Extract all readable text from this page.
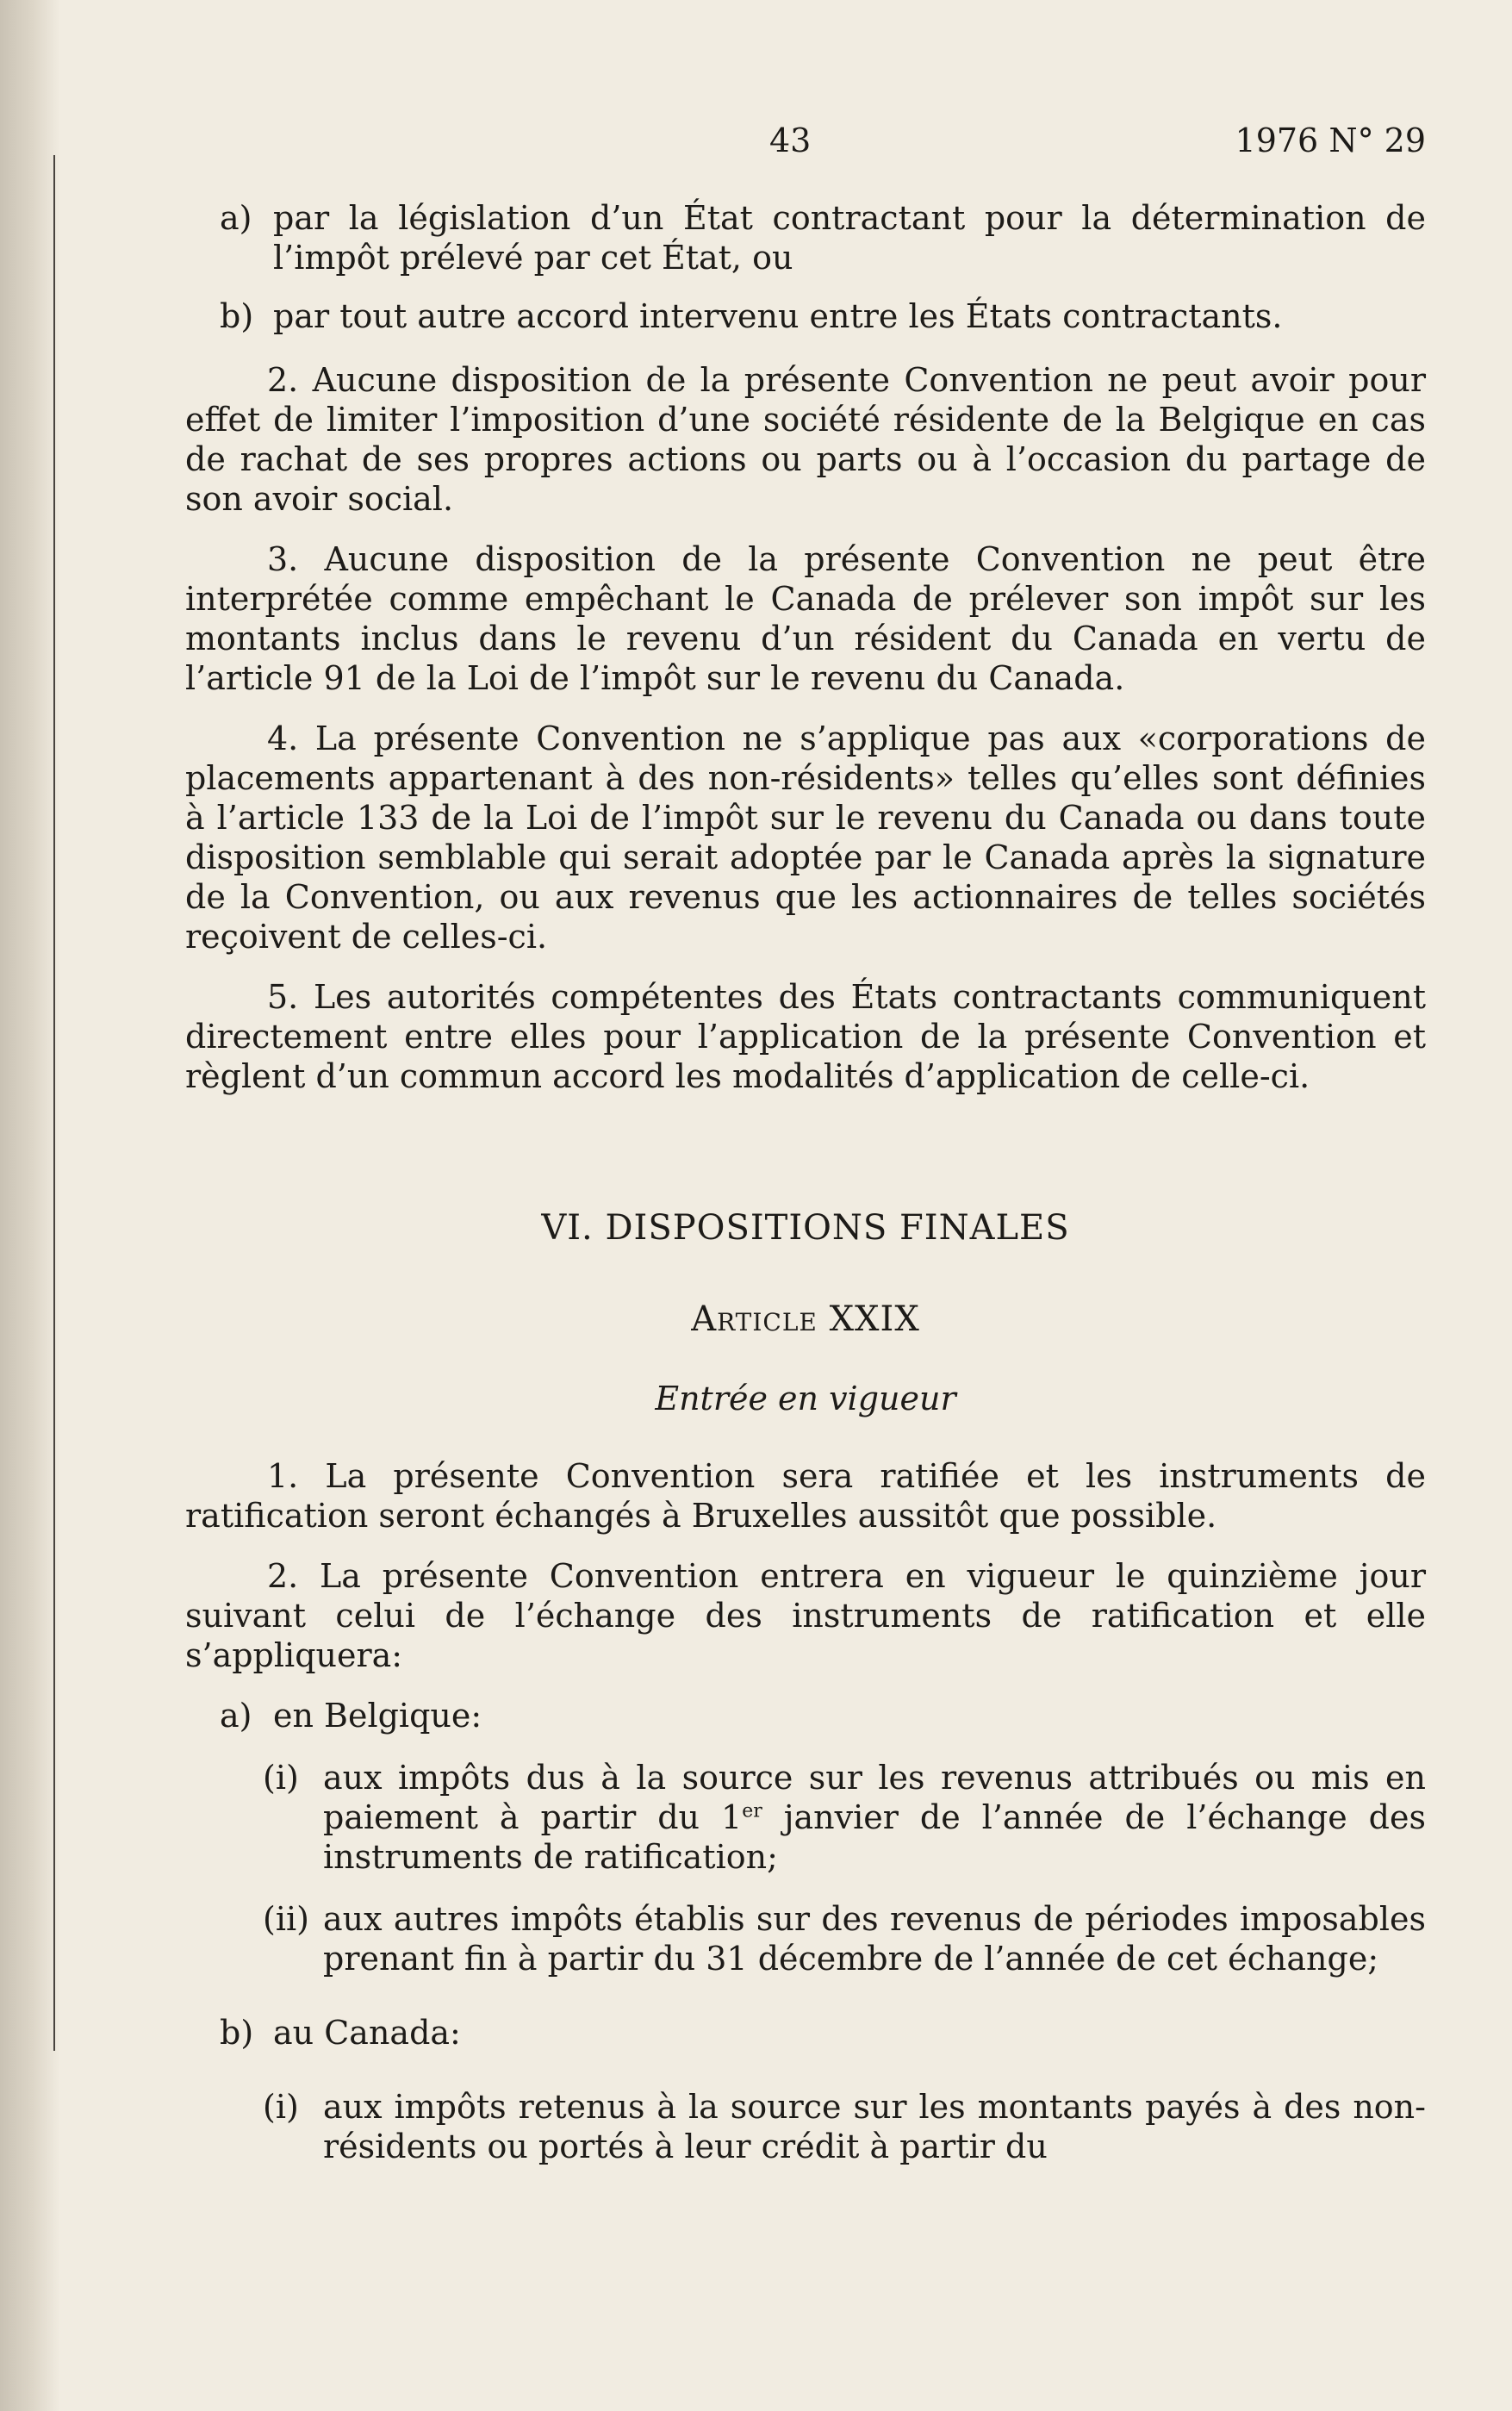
43	1976 N° 29
a) par la législation d’un État contractant pour la détermination de l’impôt prélevé par cet État, ou
b) par tout autre accord intervenu entre les États contractants.

2. Aucune disposition de la présente Convention ne peut avoir pour effet de limiter l’imposition d’une société résidente de la Belgique en cas de rachat de ses propres actions ou parts ou à l’occasion du partage de son avoir social.

3. Aucune disposition de la présente Convention ne peut être interprétée comme empêchant le Canada de prélever son impôt sur les montants inclus dans le revenu d’un résident du Canada en vertu de l’article 91 de la Loi de l’impôt sur le revenu du Canada.

4. La présente Convention ne s’applique pas aux «corporations de placements appartenant à des non-résidents» telles qu’elles sont définies à l’article 133 de la Loi de l’impôt sur le revenu du Canada ou dans toute disposition semblable qui serait adoptée par le Canada après la signature de la Convention, ou aux revenus que les actionnaires de telles sociétés reçoivent de celles-ci.

5. Les autorités compétentes des États contractants communiquent directement entre elles pour l’application de la présente Convention et règlent d’un commun accord les modalités d’application de celle-ci.

VI. DISPOSITIONS FINALES
Article XXIX
Entrée en vigueur

1. La présente Convention sera ratifiée et les instruments de ratification seront échangés à Bruxelles aussitôt que possible.

2. La présente Convention entrera en vigueur le quinzième jour suivant celui de l’échange des instruments de ratification et elle s’appliquera:

a) en Belgique:
(i) aux impôts dus à la source sur les revenus attribués ou mis en paiement à partir du 1er janvier de l’année de l’échange des instruments de ratification;
(ii) aux autres impôts établis sur des revenus de périodes imposables prenant fin à partir du 31 décembre de l’année de cet échange;
b) au Canada:
(i) aux impôts retenus à la source sur les montants payés à des non-résidents ou portés à leur crédit à partir du
